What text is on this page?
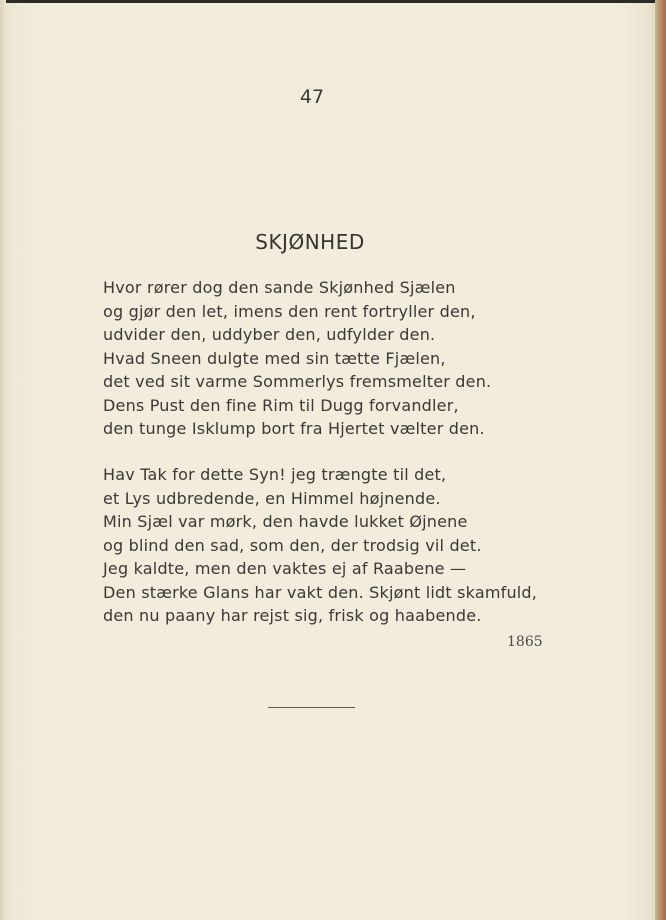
47
SKJØNHED
Hvor rører dog den sande Skjønhed Sjælen
og gjør den let, imens den rent fortryller den,
udvider den, uddyber den, udfylder den.
Hvad Sneen dulgte med sin tætte Fjælen,
det ved sit varme Sommerlys fremsmelter den.
Dens Pust den fine Rim til Dugg forvandler,
den tunge Isklump bort fra Hjertet vælter den.
Hav Tak for dette Syn! jeg trængte til det,
et Lys udbredende, en Himmel højnende.
Min Sjæl var mørk, den havde lukket Øjnene
og blind den sad, som den, der trodsig vil det.
Jeg kaldte, men den vaktes ej af Raabene —
Den stærke Glans har vakt den. Skjønt lidt skamfuld,
den nu paany har rejst sig, frisk og haabende.
1865
